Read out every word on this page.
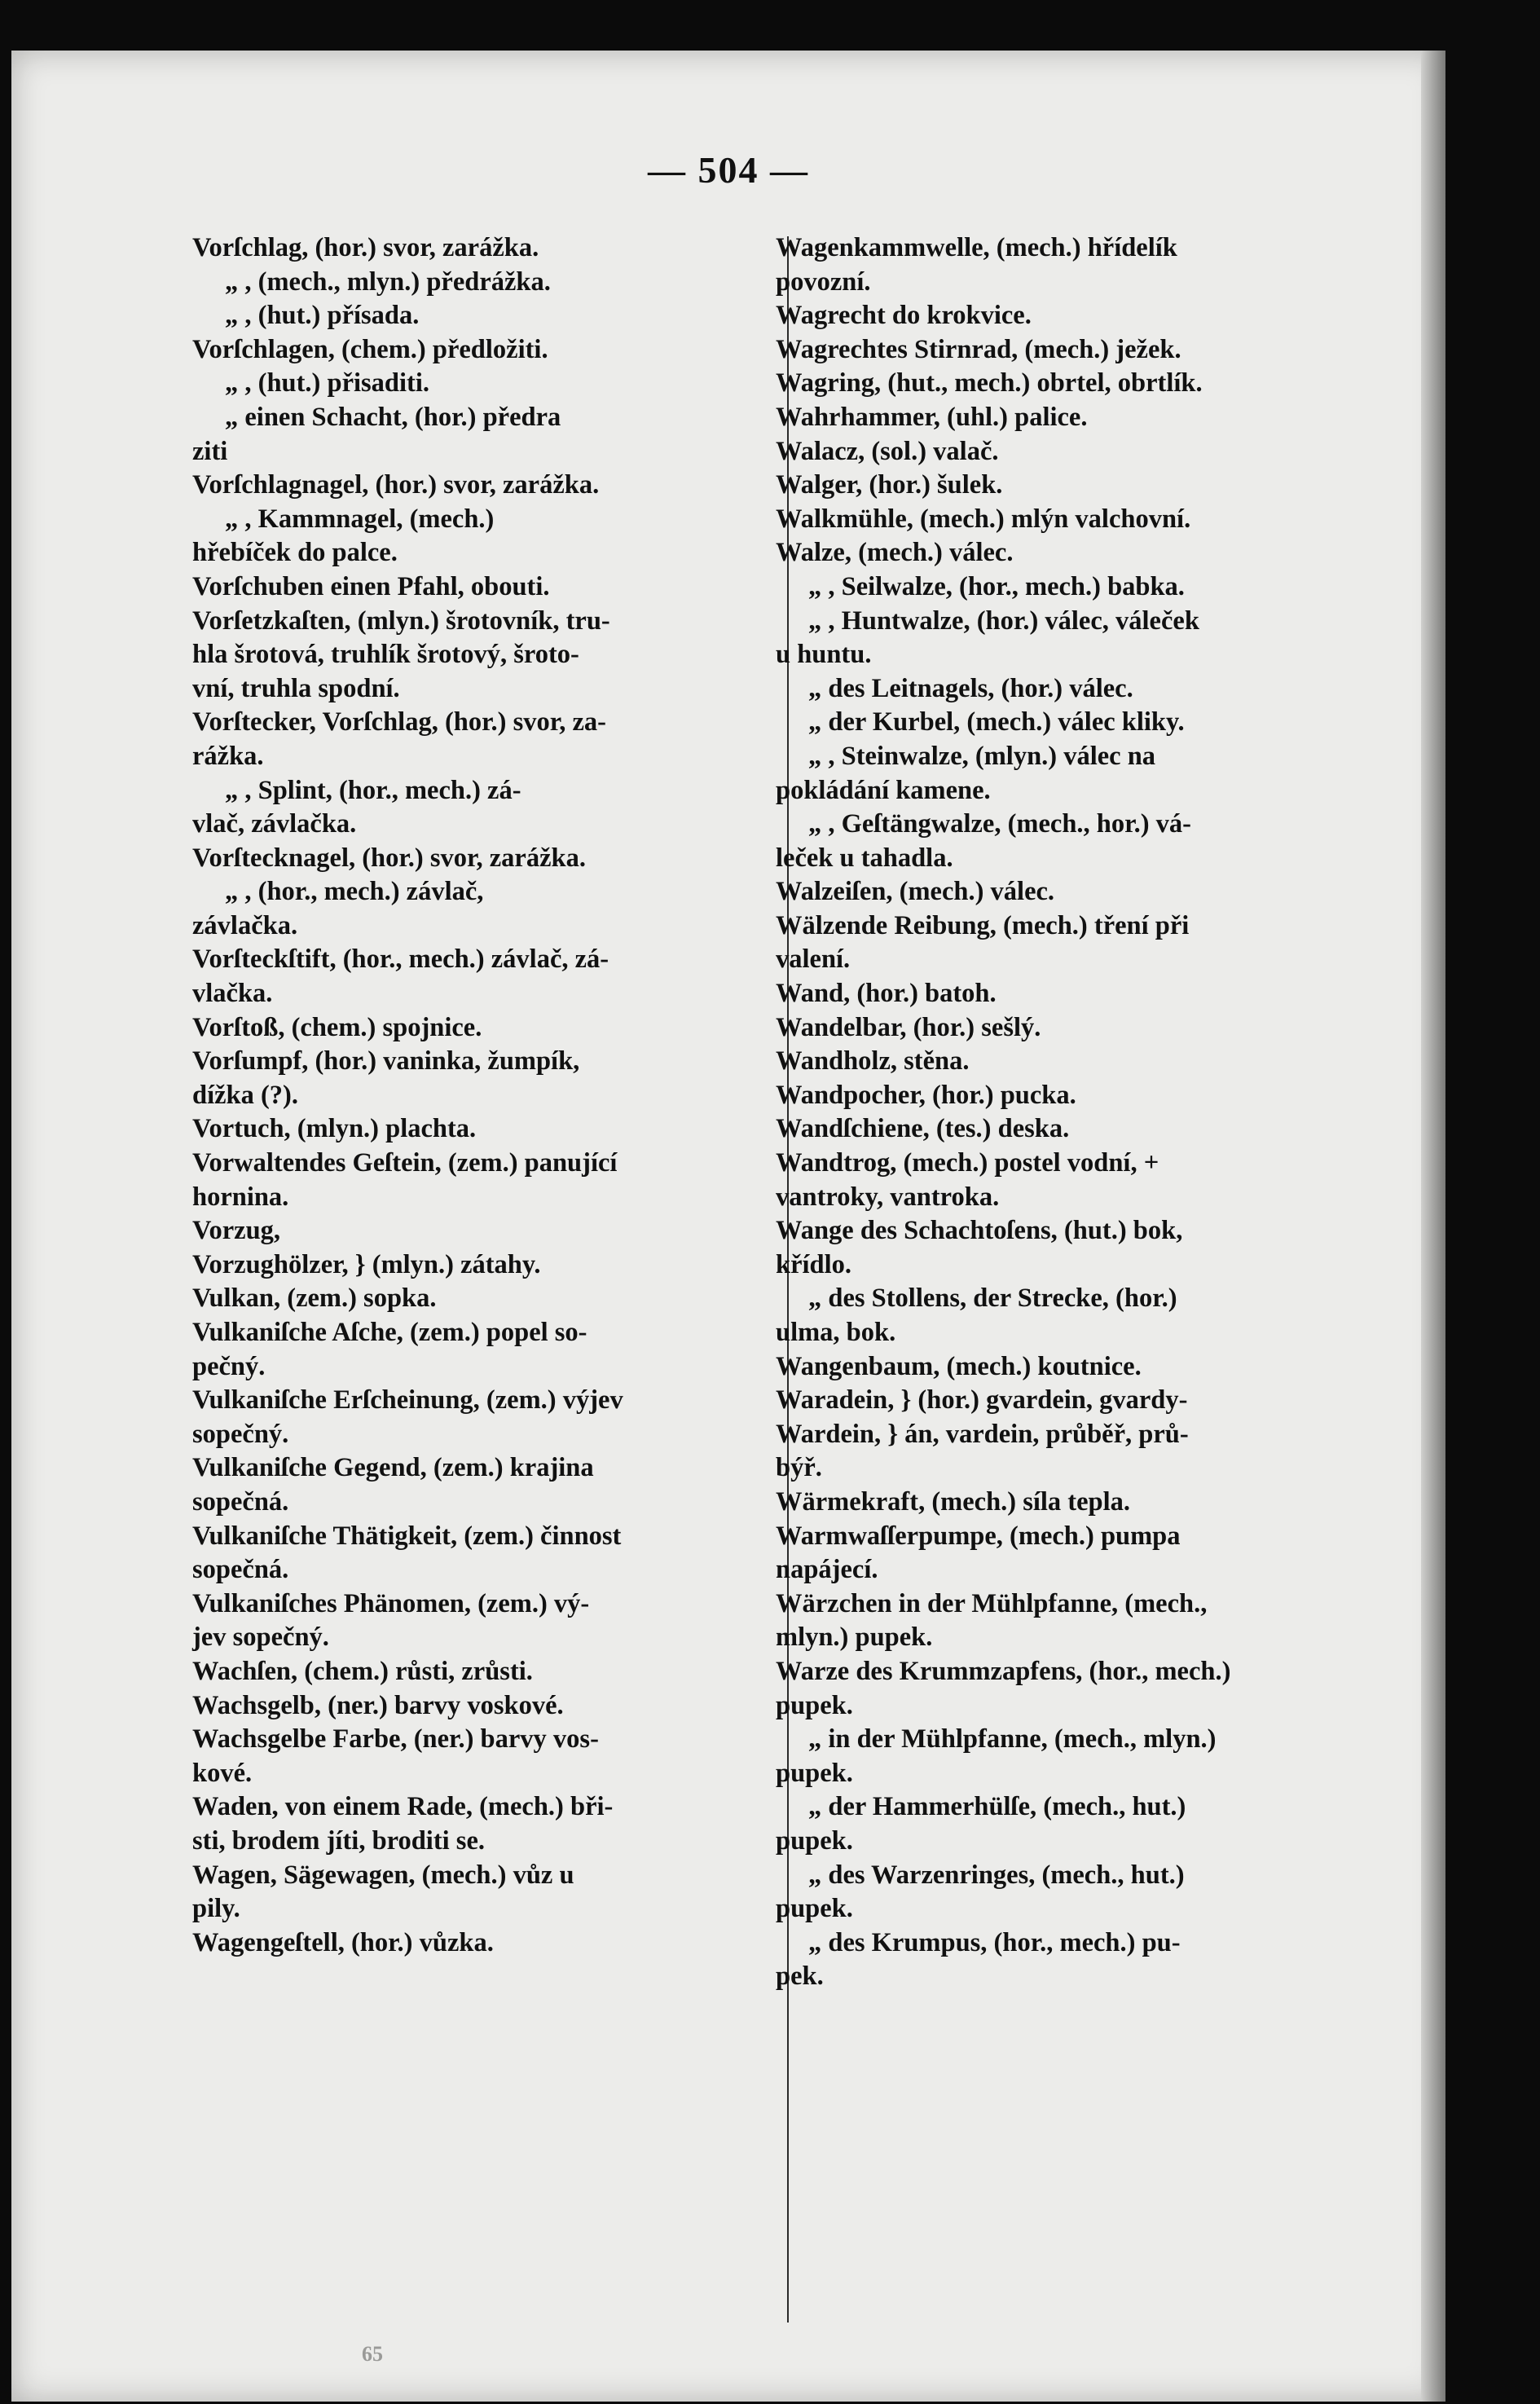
— 504 —
Vorſchlag, (hor.) svor, zarážka.
„ , (mech., mlyn.) předrážka.
„ , (hut.) přísada.
Vorſchlagen, (chem.) předložiti.
„ , (hut.) přisaditi.
„ einen Schacht, (hor.) předra
ziti
Vorſchlagnagel, (hor.) svor, zarážka.
„ , Kammnagel, (mech.)
hřebíček do palce.
Vorſchuben einen Pfahl, obouti.
Vorſetzkaſten, (mlyn.) šrotovník, tru-
hla šrotová, truhlík šrotový, šroto-
vní, truhla spodní.
Vorſtecker, Vorſchlag, (hor.) svor, za-
rážka.
„ , Splint, (hor., mech.) zá-
vlač, závlačka.
Vorſtecknagel, (hor.) svor, zarážka.
„ , (hor., mech.) závlač,
závlačka.
Vorſteckſtift, (hor., mech.) závlač, zá-
vlačka.
Vorſtoß, (chem.) spojnice.
Vorſumpf, (hor.) vaninka, žumpík,
dížka (?).
Vortuch, (mlyn.) plachta.
Vorwaltendes Geſtein, (zem.) panující
hornina.
Vorzug,
Vorzughölzer, } (mlyn.) zátahy.
Vulkan, (zem.) sopka.
Vulkaniſche Aſche, (zem.) popel so-
pečný.
Vulkaniſche Erſcheinung, (zem.) výjev
sopečný.
Vulkaniſche Gegend, (zem.) krajina
sopečná.
Vulkaniſche Thätigkeit, (zem.) činnost
sopečná.
Vulkaniſches Phänomen, (zem.) vý-
jev sopečný.
Wachſen, (chem.) růsti, zrůsti.
Wachsgelb, (ner.) barvy voskové.
Wachsgelbe Farbe, (ner.) barvy vos-
kové.
Waden, von einem Rade, (mech.) bři-
sti, brodem jíti, broditi se.
Wagen, Sägewagen, (mech.) vůz u
pily.
Wagengeſtell, (hor.) vůzka.
Wagenkammwelle, (mech.) hřídelík
povozní.
Wagrecht do krokvice.
Wagrechtes Stirnrad, (mech.) ježek.
Wagring, (hut., mech.) obrtel, obrtlík.
Wahrhammer, (uhl.) palice.
Walacz, (sol.) valač.
Walger, (hor.) šulek.
Walkmühle, (mech.) mlýn valchovní.
Walze, (mech.) válec.
„ , Seilwalze, (hor., mech.) babka.
„ , Huntwalze, (hor.) válec, váleček
u huntu.
„ des Leitnagels, (hor.) válec.
„ der Kurbel, (mech.) válec kliky.
„ , Steinwalze, (mlyn.) válec na
pokládání kamene.
„ , Geſtängwalze, (mech., hor.) vá-
leček u tahadla.
Walzeiſen, (mech.) válec.
Wälzende Reibung, (mech.) tření při
valení.
Wand, (hor.) batoh.
Wandelbar, (hor.) sešlý.
Wandholz, stěna.
Wandpocher, (hor.) pucka.
Wandſchiene, (tes.) deska.
Wandtrog, (mech.) postel vodní, +
vantroky, vantroka.
Wange des Schachtoſens, (hut.) bok,
křídlo.
„ des Stollens, der Strecke, (hor.)
ulma, bok.
Wangenbaum, (mech.) koutnice.
Waradein, } (hor.) gvardein, gvardy-
Wardein, } án, vardein, průběř, prů-
býř.
Wärmekraft, (mech.) síla tepla.
Warmwaſſerpumpe, (mech.) pumpa
napájecí.
Wärzchen in der Mühlpfanne, (mech.,
mlyn.) pupek.
Warze des Krummzapfens, (hor., mech.)
pupek.
„ in der Mühlpfanne, (mech., mlyn.)
pupek.
„ der Hammerhülſe, (mech., hut.)
pupek.
„ des Warzenringes, (mech., hut.)
pupek.
„ des Krumpus, (hor., mech.) pu-
pek.
65
